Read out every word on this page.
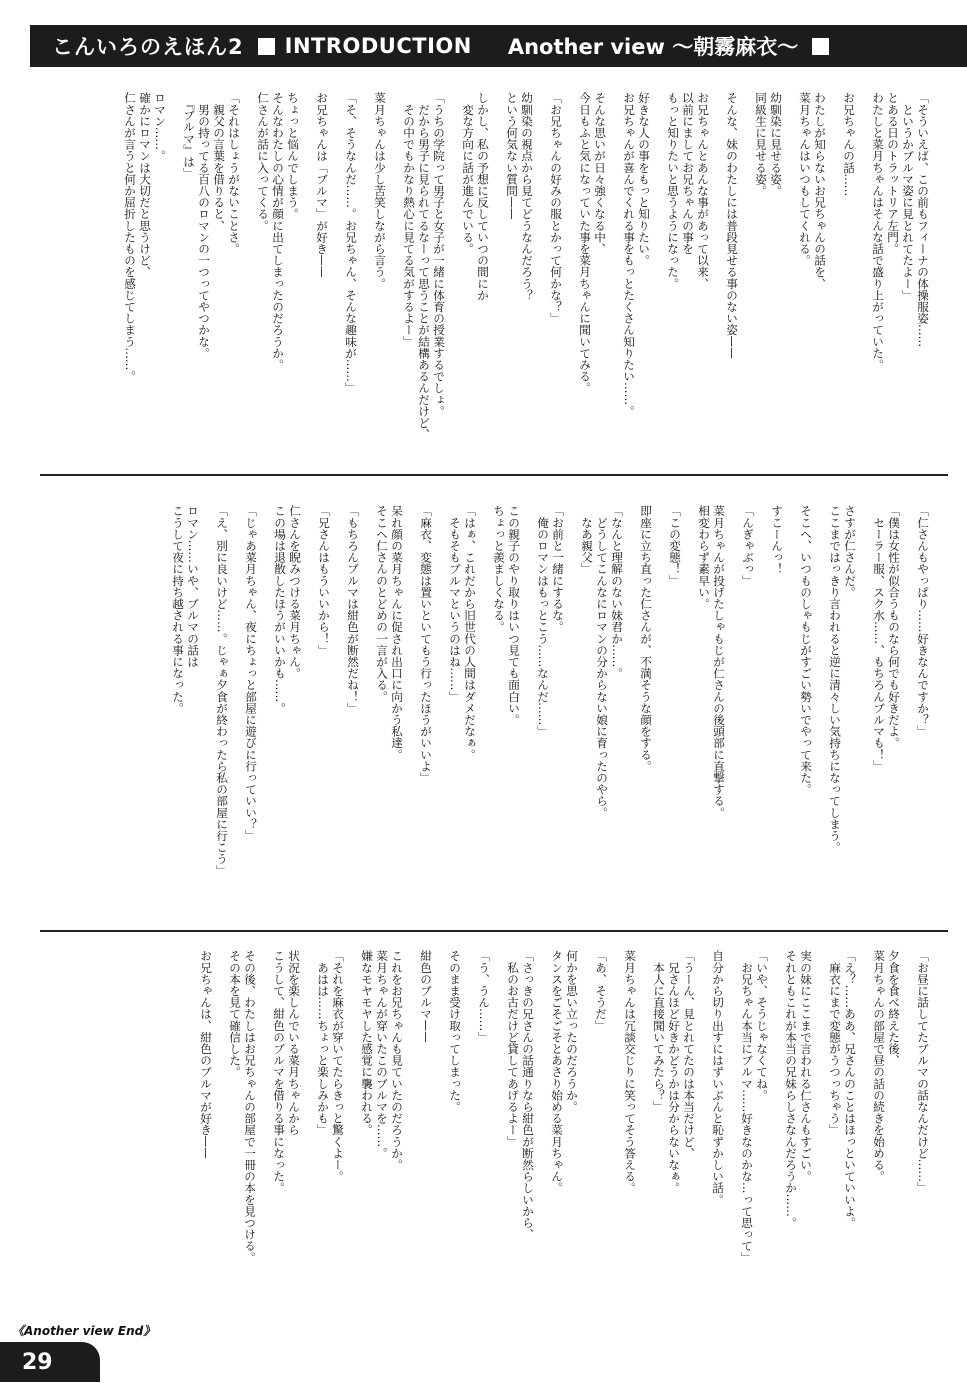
こんいろのえほん2 INTRODUCTION Another view 〜朝霧麻衣〜
「そういえば、この前もフィーナの体操服姿……
　というかブルマ姿に見とれてたよー」
とある日のトラットリア左門。
わたしと菜月ちゃんはそんな話で盛り上がっていた。
お兄ちゃんの話……
わたしが知らないお兄ちゃんの話を、
菜月ちゃんはいつもしてくれる。
幼馴染に見せる姿。
同級生に見せる姿。
そんな、妹のわたしには普段見せる事のない姿——
お兄ちゃんとあんな事があって以来、
以前にましてお兄ちゃんの事を
もっと知りたいと思うようになった。
好きな人の事をもっと知りたい。
お兄ちゃんが喜んでくれる事をもっとたくさん知りたい……。
そんな思いが日々強くなる中、
今日もふと気になっていた事を菜月ちゃんに聞いてみる。
「お兄ちゃんの好みの服とかって何かな？」
幼馴染の視点から見てどうなんだろう？
という何気ない質問——
しかし、私の予想に反していつの間にか
　変な方向に話が進んでいる。
「うちの学院って男子と女子が一緒に体育の授業するでしょ。
　だから男子に見られてるなーって思うことが結構あるんだけど、
　その中でもかなり熱心に見てる気がするよー」
菜月ちゃんは少し苦笑しながら言う。
「そ、そうなんだ……。お兄ちゃん、そんな趣味が……」
お兄ちゃんは「ブルマ」が好き——
ちょっと悩んでしまう。
そんなわたしの心情が顔に出てしまったのだろうか。
仁さんが話に入ってくる。
「それはしょうがないことさ。
　親父の言葉を借りると、
　男の持ってる百八のロマンの一つってやつかな。
　『ブルマ』は」
ロマン……。
確かにロマンは大切だと思うけど、
仁さんが言うと何か屈折したものを感じてしまう……。
「仁さんもやっぱり……好きなんですか？」
「僕は女性が似合うものなら何でも好きだよ。
　セーラー服、スク水……、もちろんブルマも！」
さすが仁さんだ。
ここまではっきり言われると逆に清々しい気持ちになってしまう。
そこへ、いつものしゃもじがすごい勢いでやって来た。
すこーんっ！
「んぎゃぶっ」
菜月ちゃんが投げたしゃもじが仁さんの後頭部に直撃する。
相変わらず素早い。
「この変態！」
即座に立ち直った仁さんが、不満そうな顔をする。
「なんと理解のない妹君か……。
　どうしてこんなにロマンの分からない娘に育ったのやら。
　なあ親父」
「お前と一緒にするな。
　俺のロマンはもっとこう……なんだ……」
この親子のやり取りはいつ見ても面白い。
ちょっと羨ましくなる。
「はぁ、これだから旧世代の人間はダメだなぁ。
　そもそもブルマというのはね……」
「麻衣、変態は置いといてもう行ったほうがいいよ」
呆れ顔の菜月ちゃんに促され出口に向かう私達。
そこへ仁さんのとどめの一言が入る。
「もちろんブルマは紺色が断然だね！」
「兄さんはもういいから！」
仁さんを睨みつける菜月ちゃん。
この場は退散したほうがいいかも……。
「じゃあ菜月ちゃん、夜にちょっと部屋に遊びに行っていい？」
「え、別に良いけど……。じゃぁ夕食が終わったら私の部屋に行こう」
ロマン……いや、ブルマの話は
こうして夜に持ち越される事になった。
「お昼に話してたブルマの話なんだけど……」
夕食を食べ終えた後、
菜月ちゃんの部屋で昼の話の続きを始める。
「え？……ああ、兄さんのことはほっといていいよ。
　麻衣にまで変態がうつっちゃう」
実の妹にここまで言われる仁さんもすごい。
それともこれが本当の兄妹らしさなんだろうか……。
「いや、そうじゃなくてね。
　お兄ちゃん本当にブルマ……好きなのかな…って思って」
自分から切り出すにはずいぶんと恥ずかしい話。
「うーん、見とれてたのは本当だけど、
　兄さんほど好きかどうかは分からないなぁ。
　本人に直接聞いてみたら？」
菜月ちゃんは冗談交じりに笑ってそう答える。
「あ、そうだ」
何かを思い立ったのだろうか。
タンスをごそごそとあさり始める菜月ちゃん。
「さっきの兄さんの話通りなら紺色が断然らしいから、
　私のお古だけど貸してあげるよー」
「う、うん……」
そのまま受け取ってしまった。
紺色のブルマ——
これをお兄ちゃんも見ていたのだろうか。
菜月ちゃんが穿いたこのブルマを……。
嫌なモヤモヤした感覚に襲われる。
「それを麻衣が穿いてたらきっと驚くよー。
　あはは……ちょっと楽しみかも」
状況を楽しんでいる菜月ちゃんから
こうして、紺色のブルマを借りる事になった。
その後、わたしはお兄ちゃんの部屋で一冊の本を見つける。
その本を見て確信した。
お兄ちゃんは、紺色のブルマが好き——
《Another view End》
29
